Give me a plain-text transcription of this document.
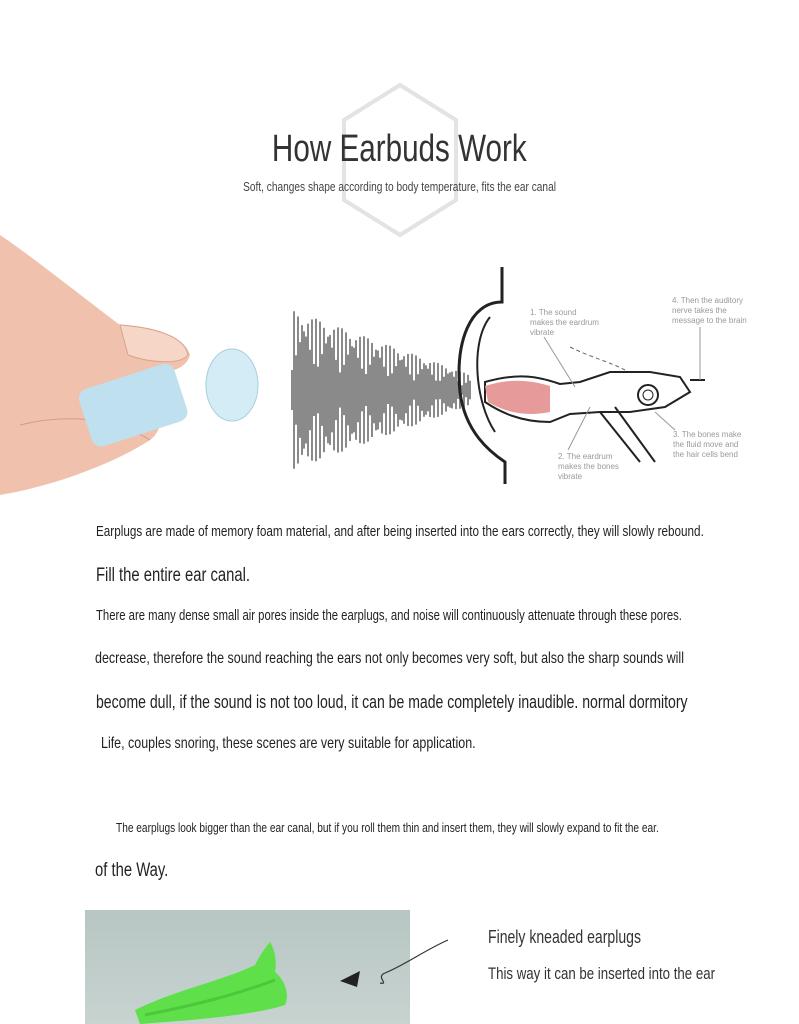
How Earbuds Work
Soft, changes shape according to body temperature, fits the ear canal
1. The sound makes the eardrum vibrate
2. The eardrum makes the bones vibrate
3. The bones make the fluid move and the hair cells bend
4. Then the auditory nerve takes the message to the brain
Earplugs are made of memory foam material, and after being inserted into the ears correctly, they will slowly rebound.
Fill the entire ear canal.
There are many dense small air pores inside the earplugs, and noise will continuously attenuate through these pores.
decrease, therefore the sound reaching the ears not only becomes very soft, but also the sharp sounds will
become dull, if the sound is not too loud, it can be made completely inaudible. normal dormitory
Life, couples snoring, these scenes are very suitable for application.
The earplugs look bigger than the ear canal, but if you roll them thin and insert them, they will slowly expand to fit the ear.
of the Way.
Finely kneaded earplugs
This way it can be inserted into the ear
